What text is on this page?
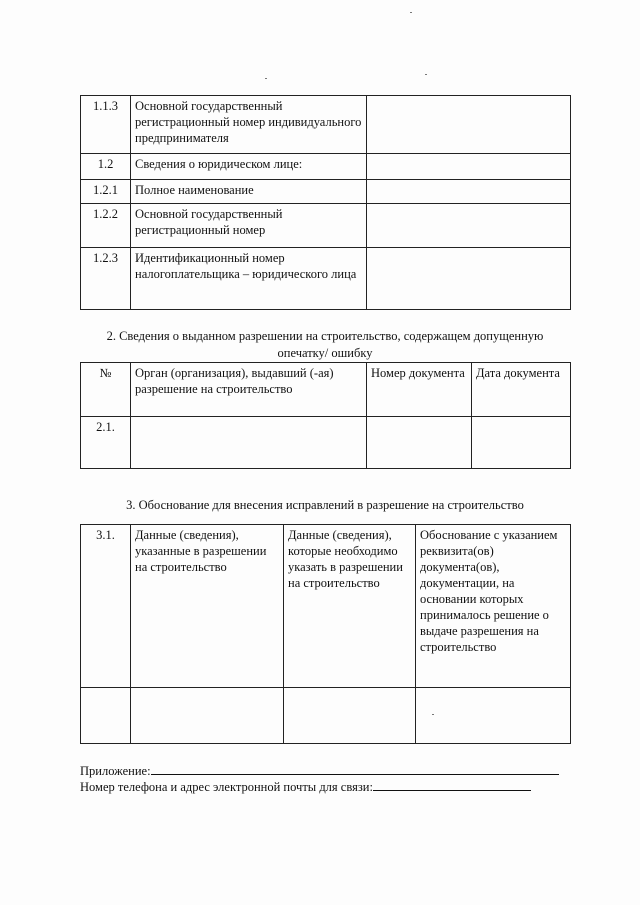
1.1.3	Основной государственный регистрационный номер индивидуального предпринимателя	
1.2	Сведения о юридическом лице:	
1.2.1	Полное наименование	
1.2.2	Основной государственный регистрационный номер	
1.2.3	Идентификационный номер налогоплательщика – юридического лица	
2. Сведения о выданном разрешении на строительство, содержащем допущенную опечатку/ ошибку
№	Орган (организация), выдавший (-ая) разрешение на строительство	Номер документа	Дата документа
2.1.			
3. Обоснование для внесения исправлений в разрешение на строительство
3.1.	Данные (сведения), указанные в разрешении на строительство	Данные (сведения), которые необходимо указать в разрешении на строительство	Обоснование с указанием реквизита(ов) документа(ов), документации, на основании которых принималось решение о выдаче разрешения на строительство

Приложение:
Номер телефона и адрес электронной почты для связи:
